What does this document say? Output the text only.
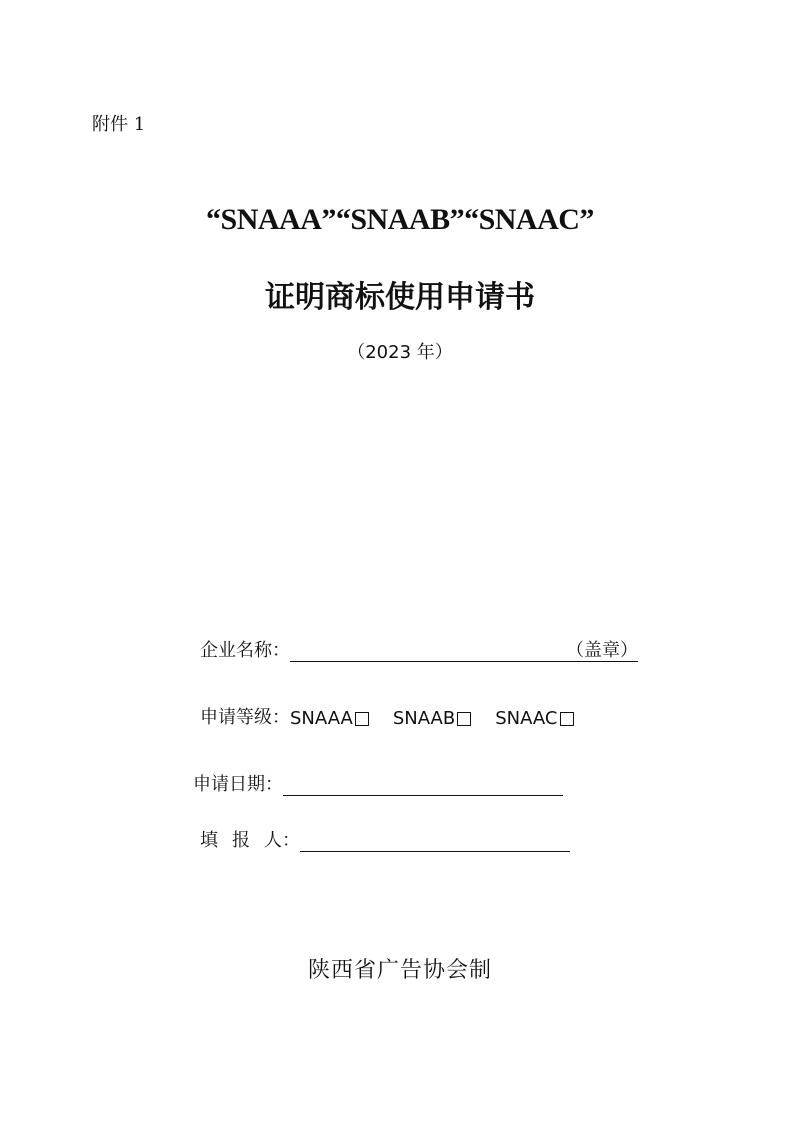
附件 1
“SNAAA”“SNAAB”“SNAAC”
证明商标使用申请书
（2023 年）
企业名称：	（盖章）
申请等级： SNAAA SNAAB SNAAC
申请日期：
填 报 人：
陕西省广告协会制
